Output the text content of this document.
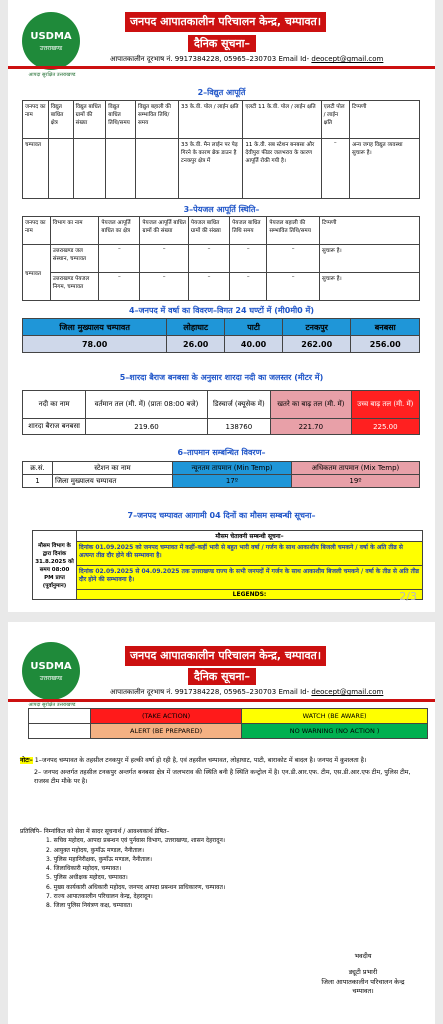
USDMA
उत्तराखण्ड
आपदा सुरक्षित उत्तराखण्ड
जनपद आपातकालीन परिचालन केन्द्र, चम्पावत।
दैनिक सूचना–
आपातकालीन दूरभाष नं. 9917384228, 05965–230703 Email Id- deocept@gmail.com
2–विद्युत आपूर्ति
जनपद का नाम	विद्युत बाधित क्षेत्र	विद्युत बाधित ग्रामों की संख्या	विद्युत बाधित तिथि/समय	विद्युत बहाली की सम्भावित तिथि/समय	33 के.वी. पोल / लाईन क्षति	एलटी 11 के.वी. पोल / लाईन क्षति	एलटी पोल / लाईन क्षति	टिप्पणी
चम्पावत					33 के.वी. मैन लाईन पर पेड़ गिरने के कारण ब्रेक डाउन है टनकपुर क्षेत्र में	11 के.वी. सब स्टेशन बनबसा और देवीपुरा फीडर जलभराव के कारण आपूर्ति रोकी गयी है।	–	अन्य जगह विद्युत व्यवस्था सुचारू है।
3–पेयजल आपूर्ति स्थिति–
जनपद का नाम	विभाग का नाम	पेयजल आपूर्ति बाधित का क्षेत्र	पेयजल आपूर्ति बाधित ग्रामों की संख्या	पेयजल बाधित ग्रामों की संख्या	पेयजल बाधित तिथि समय	पेयजल बहाली की सम्भावित तिथि/समय	टिप्पणी
चम्पावत	उत्तराखण्ड जल संस्थान, चम्पावत	–	–	–	–	–	सुचारू है।
	उत्तराखण्ड पेयजल निगम, चम्पावत	–	–	–	–	–	सुचारू है।
4–जनपद में वर्षा का विवरण–विगत 24 घण्टों में (मी0मी0 में)
जिला मुख्यालय चम्पावत	लोहाघाट	पाटी	टनकपुर	बनबसा
78.00	26.00	40.00	262.00	256.00
5–शारदा बैराज बनबसा के अनुसार शारदा नदी का जलस्तर (मीटर में)
नदी का नाम	वर्तमान तल (मी. में) (प्रातः 08:00 बजे)	डिस्चार्ज (क्यूसेक में)	खतरे का बाढ़ तल (मी. में)	उच्च बाढ़ तल (मी. में)
शारदा बैराज बनबसा	219.60	138760	221.70	225.00
6–तापमान सम्बन्धित विवरण–
क्र.सं.	स्टेशन का नाम	न्यूनतम तापमान (Min Temp)	अधिकतम तापमान (Mix Temp)
1	जिला मुख्यालय चम्पावत	17º	19º
7–जनपद चम्पावत आगामी 04 दिनों का मौसम सम्बन्धी सूचना–
मौसम विभाग के द्वारा दिनांक 31.8.2025 को समय 08:00 PM प्राप्त (पूर्वानुमान)	मौसम चेतावनी सम्बन्धी सूचना–
दिनांक 01.09.2025 को जनपद चम्पावत में कहीं–कहीं भारी से बहुत भारी वर्षा / गर्जन के साथ आकाशीय बिजली चमकने / वर्षा के अति तीव्र से अत्यन्त तीव्र दौर होने की सम्भावना है।
दिनांक 02.09.2025 से 04.09.2025 तक उत्तराखण्ड राज्य के सभी जनपदों में गर्जन के साथ आकाशीय बिजली चमकने / वर्षा के तीव्र से अति तीव्र दौर होने की सम्भावना है।
LEGENDS:	2/3
USDMA
उत्तराखण्ड
आपदा सुरक्षित उत्तराखण्ड
जनपद आपातकालीन परिचालन केन्द्र, चम्पावत।
दैनिक सूचना–
आपातकालीन दूरभाष नं. 9917384228, 05965–230703 Email Id- deocept@gmail.com
	(TAKE ACTION)	WATCH (BE AWARE)
	ALERT (BE PREPARED)	NO WARNING (NO ACTION )
नोटः– 1–जनपद चम्पावत के तहसील टनकपुर में हल्की वर्षा हो रही है, एवं तहसील चम्पावत, लोहाघाट, पाटी, बाराकोट में बादल है। जनपद में कुशलता है।
2– जनपद अन्तर्गत तहसील टनकपुर अन्तर्गत बनबसा क्षेत्र में जलभराव की स्थिति बनी है स्थिति कन्ट्रोल में है। एन.डी.आर.एफ. टीम, एस.डी.आर.एफ टीम, पुलिस टीम, राजस्व टीम मौके पर है।
प्रतिलिपि– निम्नांकित को सेवा में सादर सूचनार्थ / आवश्यकार्थ प्रेषित–
1. सचिव महोदय, आपदा प्रबन्धन एवं पुर्नवास विभाग, उत्तराखण्ड, शासन देहरादून।
2. आयुक्त महोदय, कुमाँऊ मण्डल, नैनीताल।
3. पुलिस महानिरीक्षक, कुमाँऊ मण्डल, नैनीताल।
4. जिलाधिकारी महोदय, चम्पावत।
5. पुलिस अधीक्षक महोदय, चम्पावत।
6. मुख्य कार्यकारी अधिकारी महोदय, जनपद आपदा प्रबन्धन प्राधिकारण, चम्पावत।
7. राज्य आपातकालीन परिचालन केन्द्र, देहरादून।
8. जिला पुलिस नियंत्रण कक्ष, चम्पावत।
भवदीय
ड्यूटी प्रभारी
जिला आपातकालीन परिचालन केन्द्र
चम्पावत।
